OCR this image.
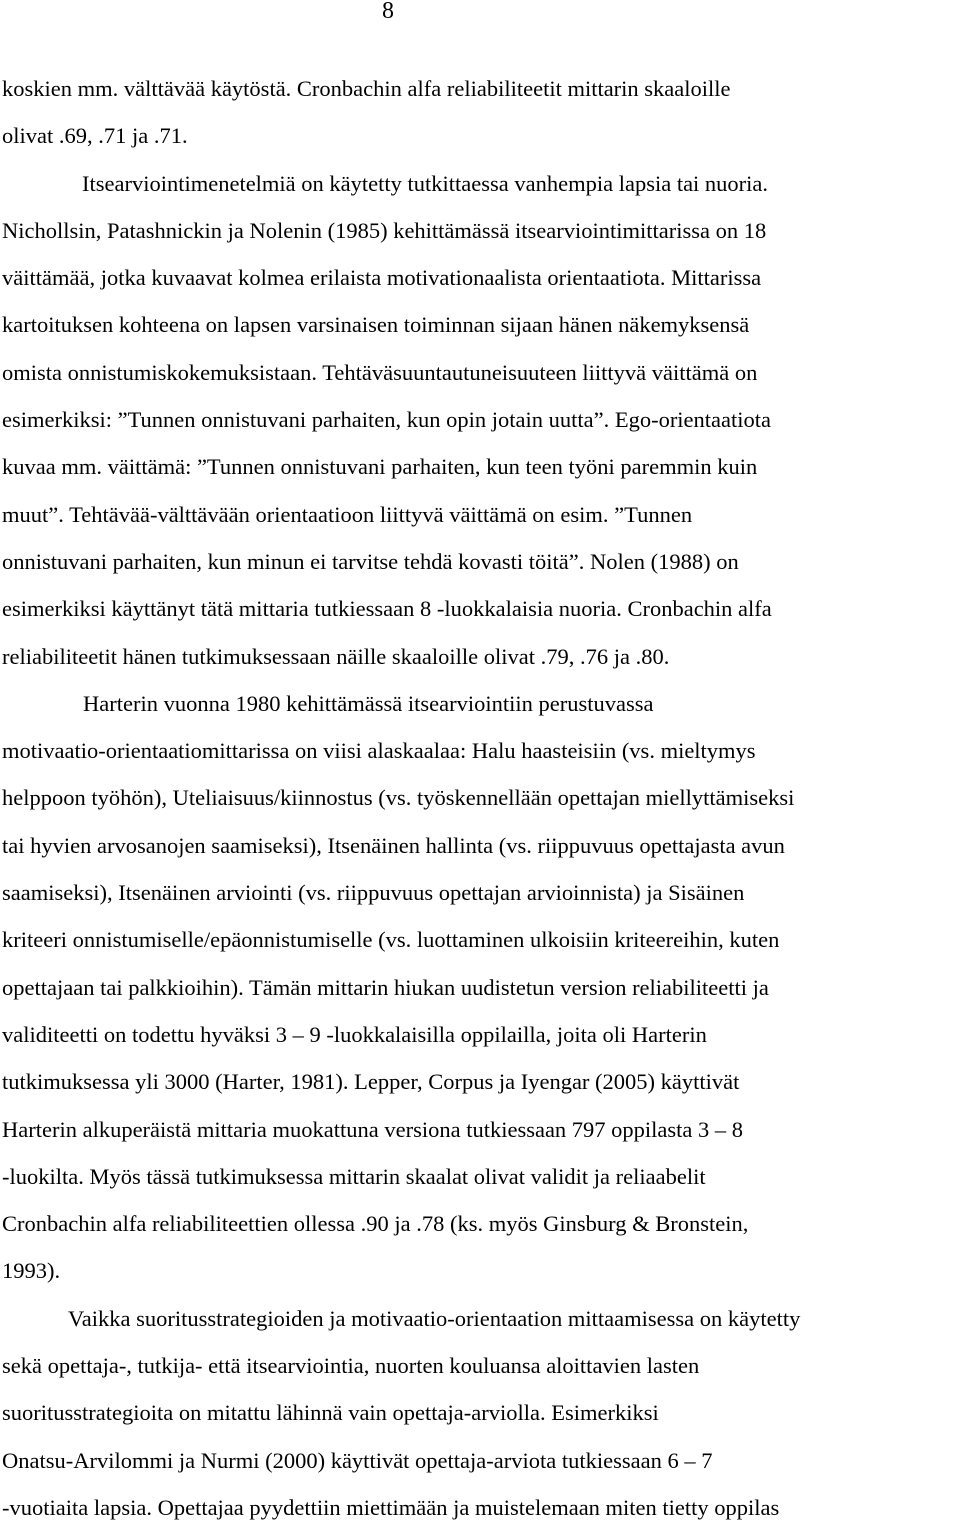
8
koskien mm. välttävää käytöstä. Cronbachin alfa reliabiliteetit mittarin skaaloille
olivat .69, .71 ja .71.
Itsearviointimenetelmiä on käytetty tutkittaessa vanhempia lapsia tai nuoria.
Nichollsin, Patashnickin ja Nolenin (1985) kehittämässä itsearviointimittarissa on 18
väittämää, jotka kuvaavat kolmea erilaista motivationaalista orientaatiota. Mittarissa
kartoituksen kohteena on lapsen varsinaisen toiminnan sijaan hänen näkemyksensä
omista onnistumiskokemuksistaan. Tehtäväsuuntautuneisuuteen liittyvä väittämä on
esimerkiksi: ”Tunnen onnistuvani parhaiten, kun opin jotain uutta”. Ego-orientaatiota
kuvaa mm. väittämä: ”Tunnen onnistuvani parhaiten, kun teen työni paremmin kuin
muut”. Tehtävää-välttävään orientaatioon liittyvä väittämä on esim. ”Tunnen
onnistuvani parhaiten, kun minun ei tarvitse tehdä kovasti töitä”. Nolen (1988) on
esimerkiksi käyttänyt tätä mittaria tutkiessaan 8 -luokkalaisia nuoria. Cronbachin alfa
reliabiliteetit hänen tutkimuksessaan näille skaaloille olivat .79, .76 ja .80.
Harterin vuonna 1980 kehittämässä itsearviointiin perustuvassa
motivaatio-orientaatiomittarissa on viisi alaskaalaa: Halu haasteisiin (vs. mieltymys
helppoon työhön), Uteliaisuus/kiinnostus (vs. työskennellään opettajan miellyttämiseksi
tai hyvien arvosanojen saamiseksi), Itsenäinen hallinta (vs. riippuvuus opettajasta avun
saamiseksi), Itsenäinen arviointi (vs. riippuvuus opettajan arvioinnista) ja Sisäinen
kriteeri onnistumiselle/epäonnistumiselle (vs. luottaminen ulkoisiin kriteereihin, kuten
opettajaan tai palkkioihin). Tämän mittarin hiukan uudistetun version reliabiliteetti ja
validiteetti on todettu hyväksi 3 – 9 -luokkalaisilla oppilailla, joita oli Harterin
tutkimuksessa yli 3000 (Harter, 1981). Lepper, Corpus ja Iyengar (2005) käyttivät
Harterin alkuperäistä mittaria muokattuna versiona tutkiessaan 797 oppilasta 3 – 8
-luokilta. Myös tässä tutkimuksessa mittarin skaalat olivat validit ja reliaabelit
Cronbachin alfa reliabiliteettien ollessa .90 ja .78 (ks. myös Ginsburg & Bronstein,
1993).
Vaikka suoritusstrategioiden ja motivaatio-orientaation mittaamisessa on käytetty
sekä opettaja-, tutkija- että itsearviointia, nuorten kouluansa aloittavien lasten
suoritusstrategioita on mitattu lähinnä vain opettaja-arviolla. Esimerkiksi
Onatsu-Arvilommi ja Nurmi (2000) käyttivät opettaja-arviota tutkiessaan 6 – 7
-vuotiaita lapsia. Opettajaa pyydettiin miettimään ja muistelemaan miten tietty oppilas
